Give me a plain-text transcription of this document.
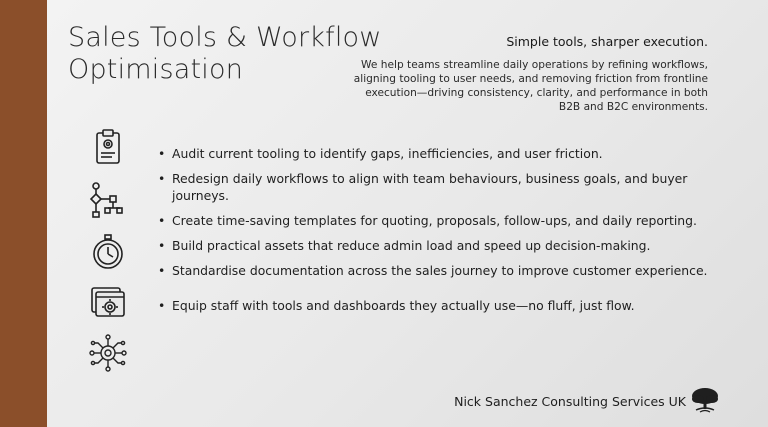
Sales Tools & Workflow Optimisation
Simple tools, sharper execution.
We help teams streamline daily operations by refining workflows, aligning tooling to user needs, and removing friction from frontline execution—driving consistency, clarity, and performance in both B2B and B2C environments.
• Audit current tooling to identify gaps, inefficiencies, and user friction.
• Redesign daily workflows to align with team behaviours, business goals, and buyer journeys.
• Create time-saving templates for quoting, proposals, follow-ups, and daily reporting.
• Build practical assets that reduce admin load and speed up decision-making.
• Standardise documentation across the sales journey to improve customer experience.
• Equip staff with tools and dashboards they actually use—no fluff, just flow.
Nick Sanchez Consulting Services UK
